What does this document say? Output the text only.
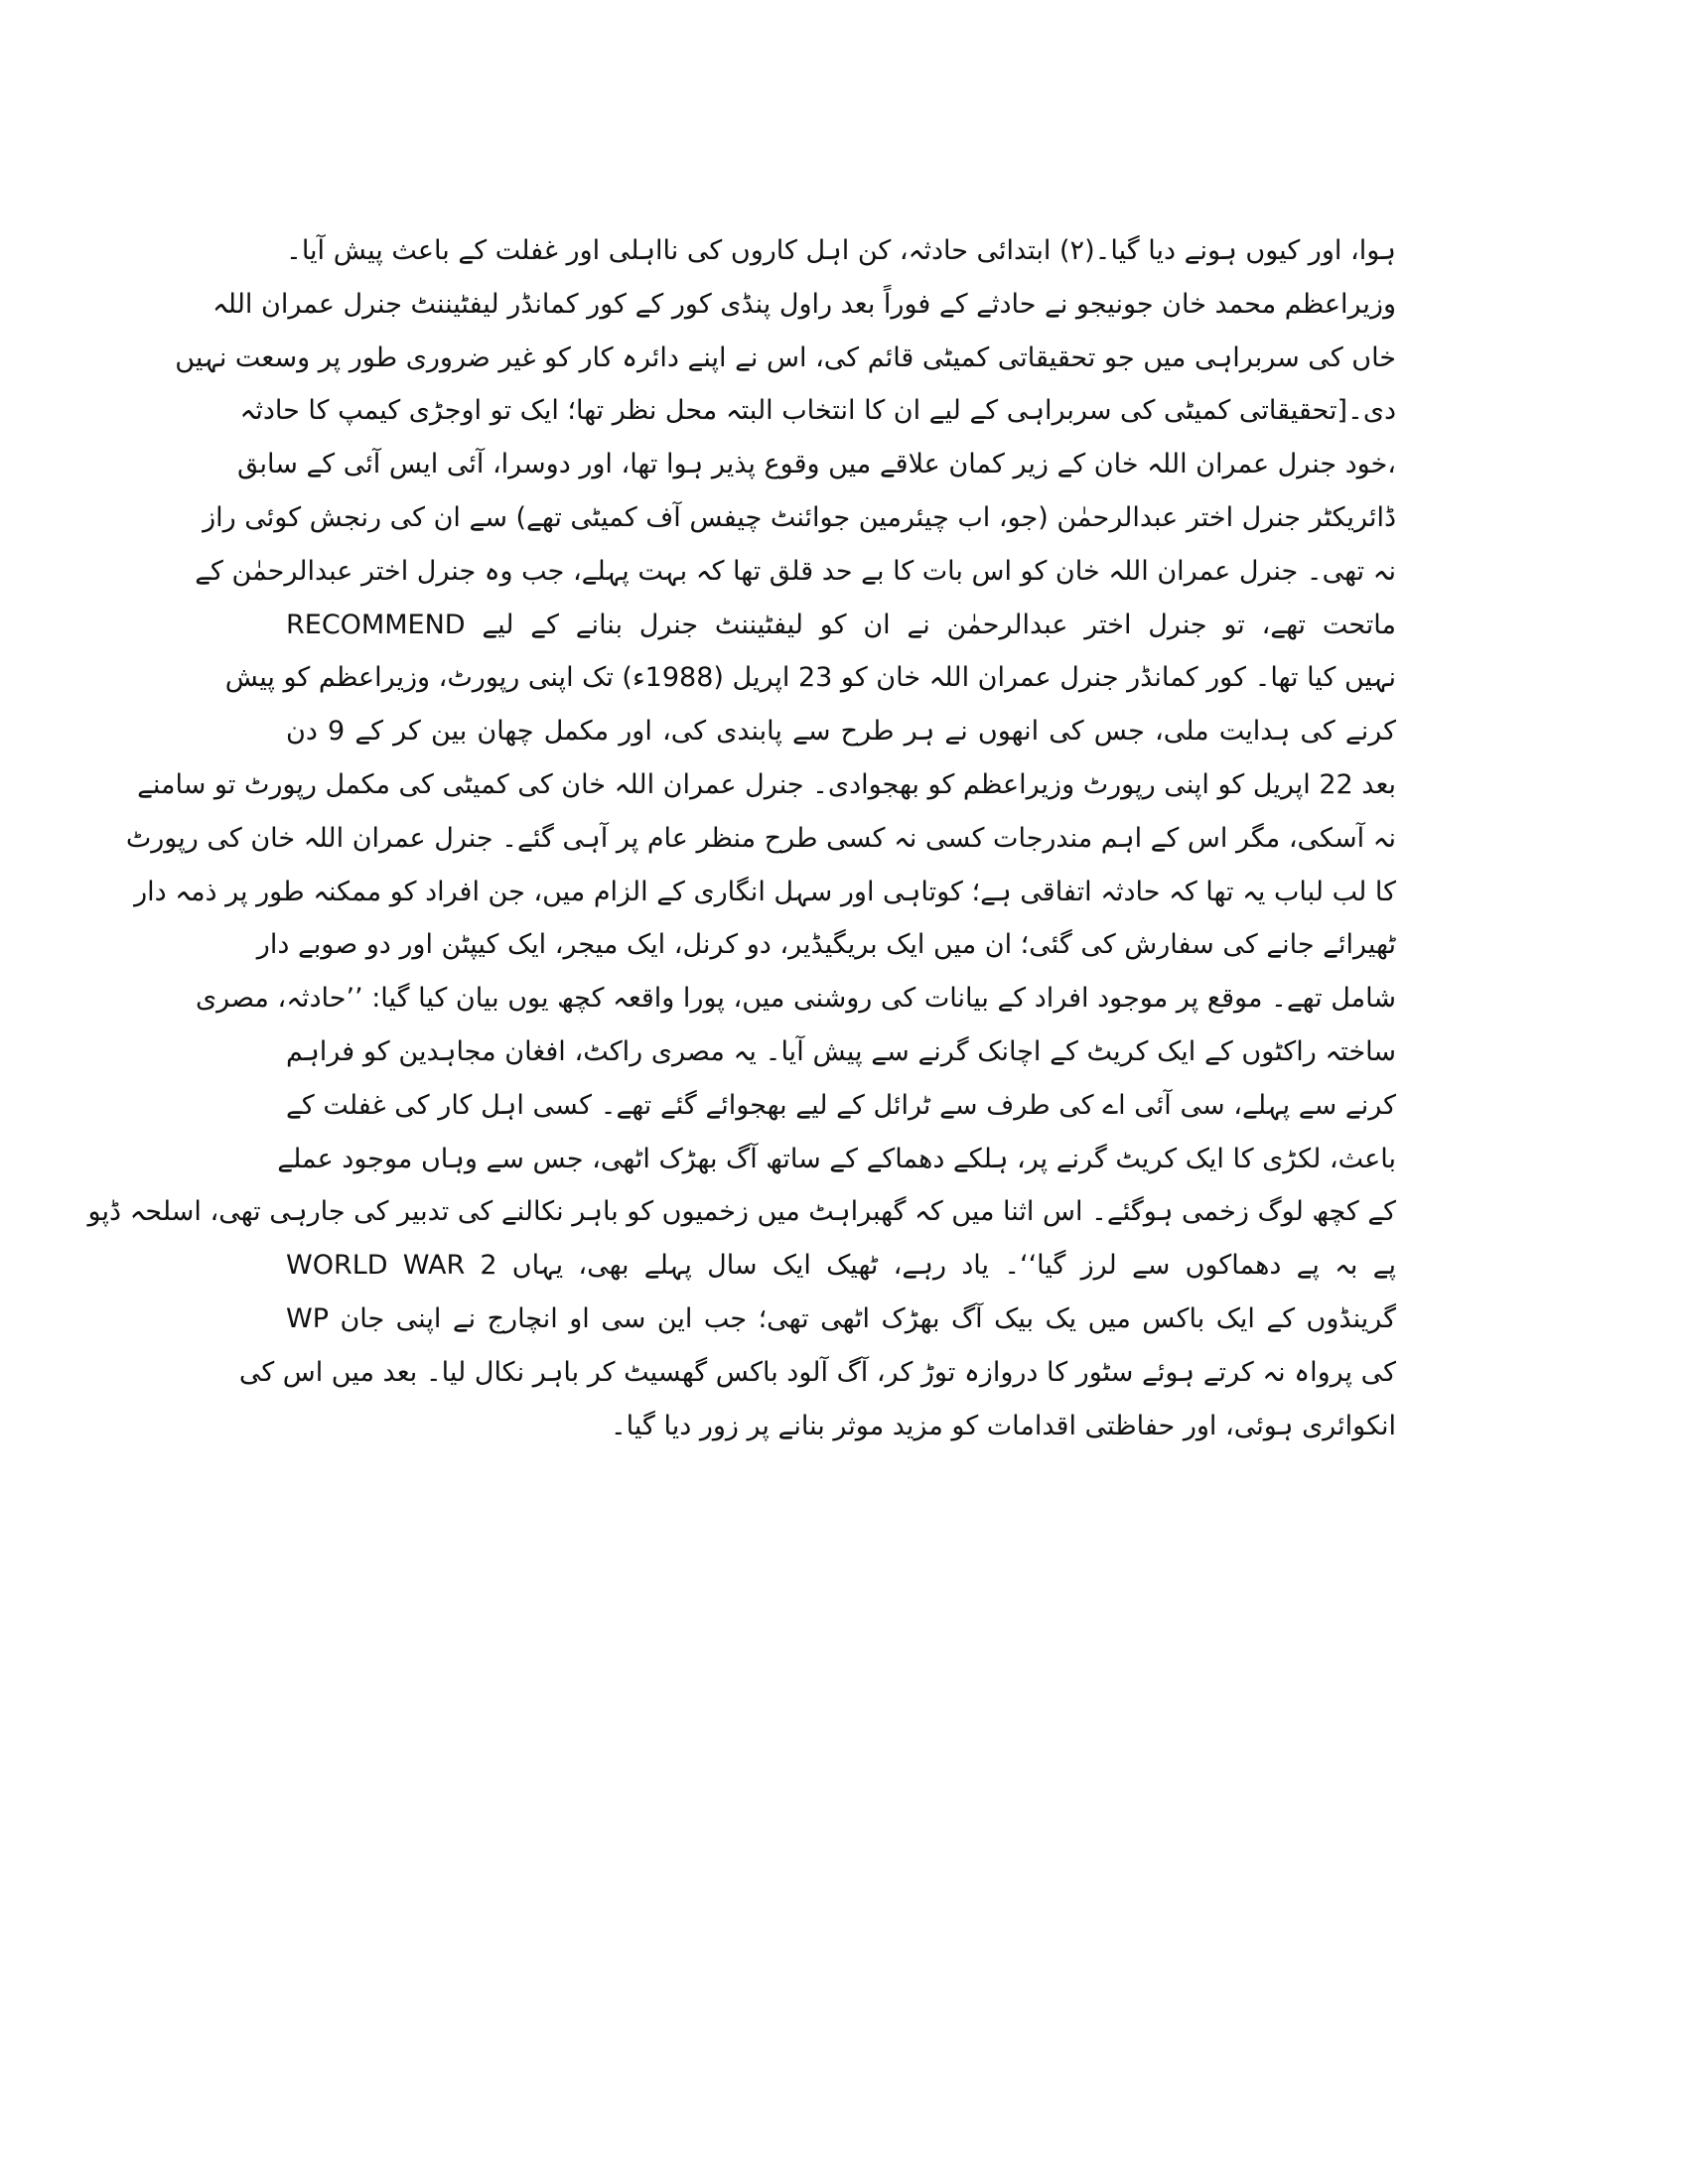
ہوا، اور کیوں ہونے دیا گیا۔(۲) ابتدائی حادثہ، کن اہل کاروں کی نااہلی اور غفلت کے باعث پیش آیا۔
وزیراعظم محمد خان جونیجو نے حادثے کے فوراً بعد راول پنڈی کور کے کور کمانڈر لیفٹیننٹ جنرل عمران اللہ
خاں کی سربراہی میں جو تحقیقاتی کمیٹی قائم کی، اس نے اپنے دائرہ کار کو غیر ضروری طور پر وسعت نہیں
دی۔[تحقیقاتی کمیٹی کی سربراہی کے لیے ان کا انتخاب البتہ محل نظر تھا؛ ایک تو اوجڑی کیمپ کا حادثہ
،خود جنرل عمران اللہ خان کے زیر کمان علاقے میں وقوع پذیر ہوا تھا، اور دوسرا، آئی ایس آئی کے سابق
ڈائریکٹر جنرل اختر عبدالرحمٰن (جو، اب چیئرمین جوائنٹ چیفس آف کمیٹی تھے) سے ان کی رنجش کوئی راز
نہ تھی۔ جنرل عمران اللہ خان کو اس بات کا بے حد قلق تھا کہ بہت پہلے، جب وہ جنرل اختر عبدالرحمٰن کے
ماتحت تھے، تو جنرل اختر عبدالرحمٰن نے ان کو لیفٹیننٹ جنرل بنانے کے لیے RECOMMEND
نہیں کیا تھا۔ کور کمانڈر جنرل عمران اللہ خان کو 23 اپریل (1988ء) تک اپنی رپورٹ، وزیراعظم کو پیش
کرنے کی ہدایت ملی، جس کی انھوں نے ہر طرح سے پابندی کی، اور مکمل چھان بین کر کے 9 دن
بعد 22 اپریل کو اپنی رپورٹ وزیراعظم کو بھجوادی۔ جنرل عمران اللہ خان کی کمیٹی کی مکمل رپورٹ تو سامنے
نہ آسکی، مگر اس کے اہم مندرجات کسی نہ کسی طرح منظر عام پر آہی گئے۔ جنرل عمران اللہ خان کی رپورٹ
کا لب لباب یہ تھا کہ حادثہ اتفاقی ہے؛ کوتاہی اور سہل انگاری کے الزام میں، جن افراد کو ممکنہ طور پر ذمہ دار
ٹھیرائے جانے کی سفارش کی گئی؛ ان میں ایک بریگیڈیر، دو کرنل، ایک میجر، ایک کیپٹن اور دو صوبے دار
شامل تھے۔ موقع پر موجود افراد کے بیانات کی روشنی میں، پورا واقعہ کچھ یوں بیان کیا گیا: ’’حادثہ، مصری
ساختہ راکٹوں کے ایک کریٹ کے اچانک گرنے سے پیش آیا۔ یہ مصری راکٹ، افغان مجاہدین کو فراہم
کرنے سے پہلے، سی آئی اے کی طرف سے ٹرائل کے لیے بھجوائے گئے تھے۔ کسی اہل کار کی غفلت کے
باعث، لکڑی کا ایک کریٹ گرنے پر، ہلکے دھماکے کے ساتھ آگ بھڑک اٹھی، جس سے وہاں موجود عملے
کے کچھ لوگ زخمی ہوگئے۔ اس اثنا میں کہ گھبراہٹ میں زخمیوں کو باہر نکالنے کی تدبیر کی جارہی تھی، اسلحہ ڈپو
پے بہ پے دھماکوں سے لرز گیا‘‘۔ یاد رہے، ٹھیک ایک سال پہلے بھی، یہاں WORLD WAR 2
WP گرینڈوں کے ایک باکس میں یک بیک آگ بھڑک اٹھی تھی؛ جب این سی او انچارج نے اپنی جان
کی پرواہ نہ کرتے ہوئے سٹور کا دروازہ توڑ کر، آگ آلود باکس گھسیٹ کر باہر نکال لیا۔ بعد میں اس کی
انکوائری ہوئی، اور حفاظتی اقدامات کو مزید موثر بنانے پر زور دیا گیا۔
